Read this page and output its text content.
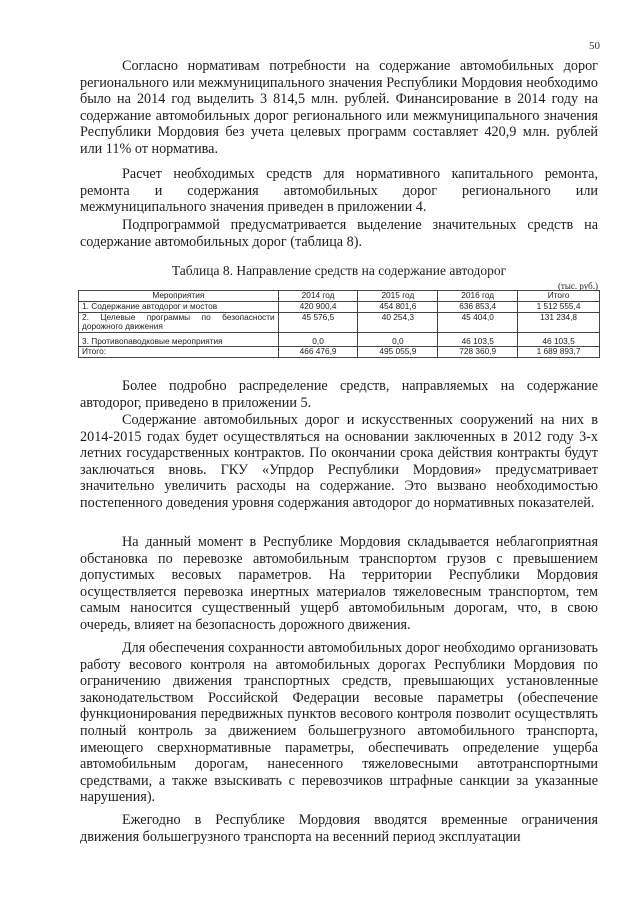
50

Согласно нормативам потребности на содержание автомобильных дорог регионального или межмуниципального значения Республики Мордовия необходимо было на 2014 год выделить 3 814,5 млн. рублей. Финансирование в 2014 году на содержание автомобильных дорог регионального или межмуниципального значения Республики Мордовия без учета целевых программ составляет 420,9 млн. рублей или 11% от норматива.

Расчет необходимых средств для нормативного капитального ремонта, ремонта и содержания автомобильных дорог регионального или межмуниципального значения приведен в приложении 4.

Подпрограммой предусматривается выделение значительных средств на содержание автомобильных дорог (таблица 8).

Таблица 8. Направление средств на содержание автодорог
(тыс. руб.)
Мероприятия	2014 год	2015 год	2016 год	Итого
1. Содержание автодорог и мостов	420 900,4	454 801,6	636 853,4	1 512 555,4
2. Целевые программы по безопасности дорожного движения	45 576,5	40 254,3	45 404,0	131 234,8
3. Противопаводковые мероприятия	0,0	0,0	46 103,5	46 103,5
Итого:	466 476,9	495 055,9	728 360,9	1 689 893,7

Более подробно распределение средств, направляемых на содержание автодорог, приведено в приложении 5.

Содержание автомобильных дорог и искусственных сооружений на них в 2014-2015 годах будет осуществляться на основании заключенных в 2012 году 3-х летних государственных контрактов. По окончании срока действия контракты будут заключаться вновь. ГКУ «Упрдор Республики Мордовия» предусматривает значительно увеличить расходы на содержание. Это вызвано необходимостью постепенного доведения уровня содержания автодорог до нормативных показателей.

На данный момент в Республике Мордовия складывается неблагоприятная обстановка по перевозке автомобильным транспортом грузов с превышением допустимых весовых параметров. На территории Республики Мордовия осуществляется перевозка инертных материалов тяжеловесным транспортом, тем самым наносится существенный ущерб автомобильным дорогам, что, в свою очередь, влияет на безопасность дорожного движения.

Для обеспечения сохранности автомобильных дорог необходимо организовать работу весового контроля на автомобильных дорогах Республики Мордовия по ограничению движения транспортных средств, превышающих установленные законодательством Российской Федерации весовые параметры (обеспечение функционирования передвижных пунктов весового контроля позволит осуществлять полный контроль за движением большегрузного автомобильного транспорта, имеющего сверхнормативные параметры, обеспечивать определение ущерба автомобильным дорогам, нанесенного тяжеловесными автотранспортными средствами, а также взыскивать с перевозчиков штрафные санкции за указанные нарушения).

Ежегодно в Республике Мордовия вводятся временные ограничения движения большегрузного транспорта на весенний период эксплуатации
